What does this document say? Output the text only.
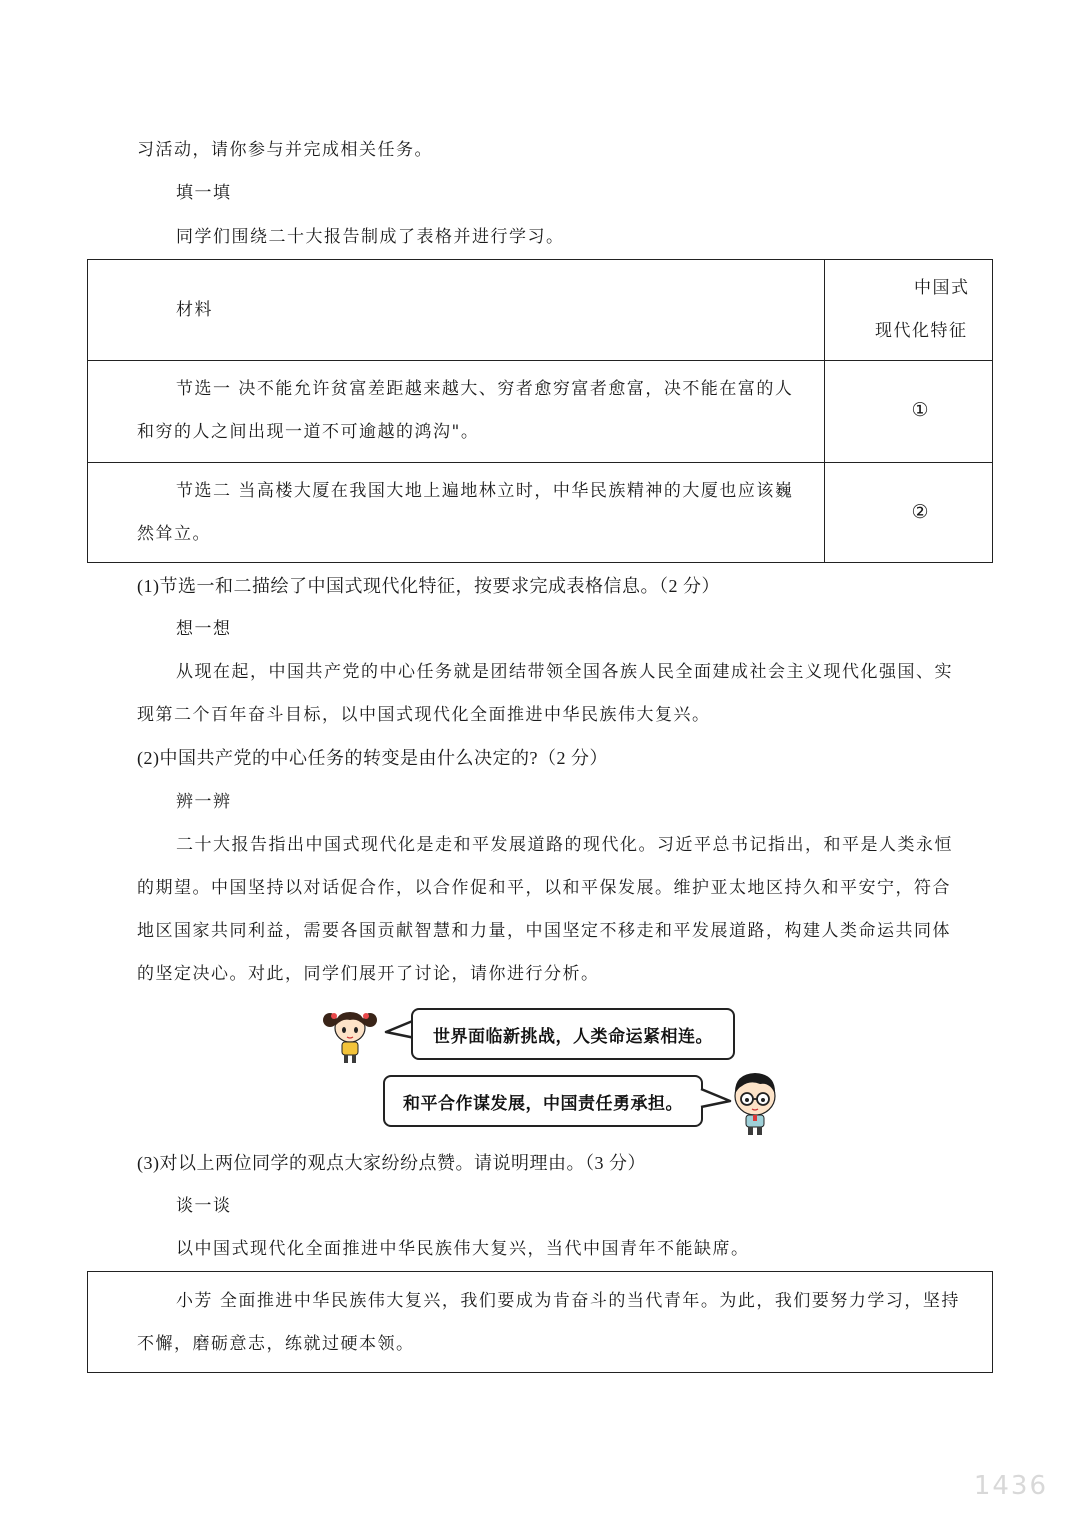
习活动，请你参与并完成相关任务。
填一填
同学们围绕二十大报告制成了表格并进行学习。
材料
中国式
现代化特征
节选一 决不能允许贫富差距越来越大、穷者愈穷富者愈富，决不能在富的人
和穷的人之间出现一道不可逾越的鸿沟"。
①
节选二 当高楼大厦在我国大地上遍地林立时，中华民族精神的大厦也应该巍
然耸立。
②
(1)节选一和二描绘了中国式现代化特征，按要求完成表格信息。（2 分）
想一想
从现在起，中国共产党的中心任务就是团结带领全国各族人民全面建成社会主义现代化强国、实
现第二个百年奋斗目标，以中国式现代化全面推进中华民族伟大复兴。
(2)中国共产党的中心任务的转变是由什么决定的?（2 分）
辨一辨
二十大报告指出中国式现代化是走和平发展道路的现代化。习近平总书记指出，和平是人类永恒
的期望。中国坚持以对话促合作，以合作促和平，以和平保发展。维护亚太地区持久和平安宁，符合
地区国家共同利益，需要各国贡献智慧和力量，中国坚定不移走和平发展道路，构建人类命运共同体
的坚定决心。对此，同学们展开了讨论，请你进行分析。
世界面临新挑战，人类命运紧相连。
和平合作谋发展，中国责任勇承担。
(3)对以上两位同学的观点大家纷纷点赞。请说明理由。（3 分）
谈一谈
以中国式现代化全面推进中华民族伟大复兴，当代中国青年不能缺席。
小芳 全面推进中华民族伟大复兴，我们要成为肯奋斗的当代青年。为此，我们要努力学习，坚持
不懈，磨砺意志，练就过硬本领。
1436
